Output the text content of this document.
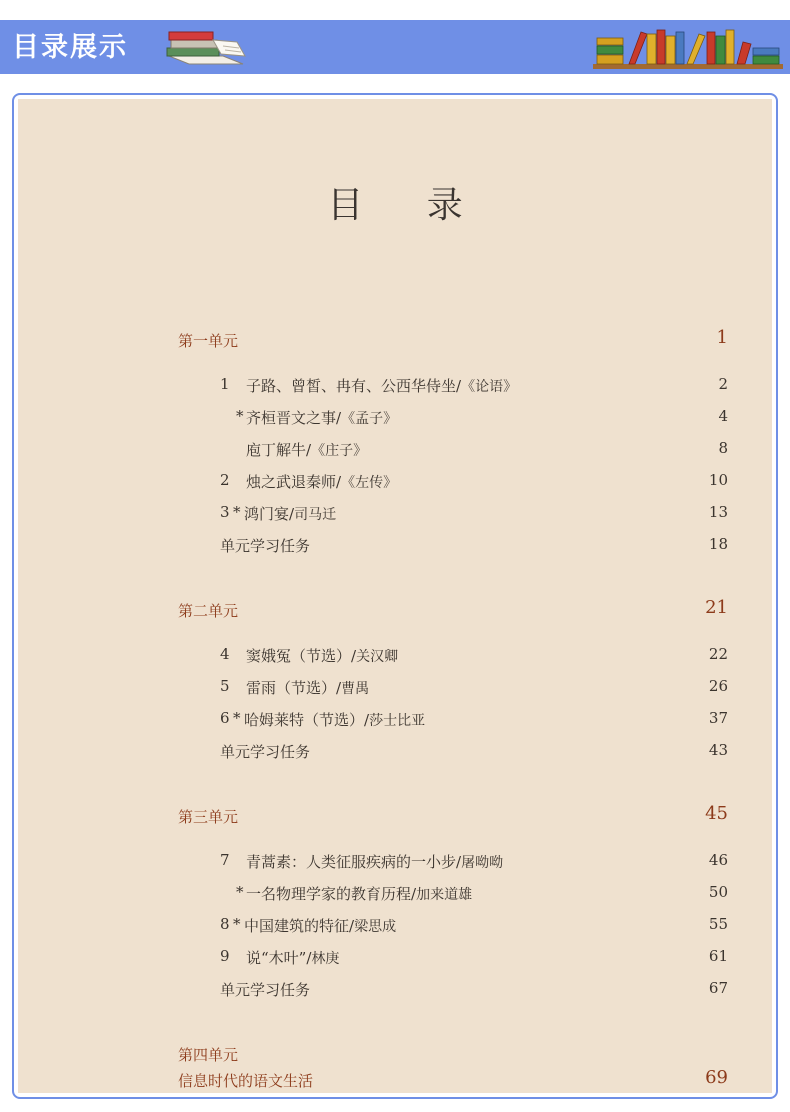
目录展示
目 录
第一单元	1
1	子路、曾皙、冉有、公西华侍坐/《论语》	2
* 齐桓晋文之事/《孟子》	4
庖丁解牛/《庄子》	8
2	烛之武退秦师/《左传》	10
3 * 鸿门宴/司马迁	13
单元学习任务	18
第二单元	21
4	窦娥冤（节选）/关汉卿	22
5	雷雨（节选）/曹禺	26
6 * 哈姆莱特（节选）/莎士比亚	37
单元学习任务	43
第三单元	45
7	青蒿素：人类征服疾病的一小步/屠呦呦	46
* 一名物理学家的教育历程/加来道雄	50
8 * 中国建筑的特征/梁思成	55
9	说“木叶”/林庚	61
单元学习任务	67
第四单元
信息时代的语文生活	69
